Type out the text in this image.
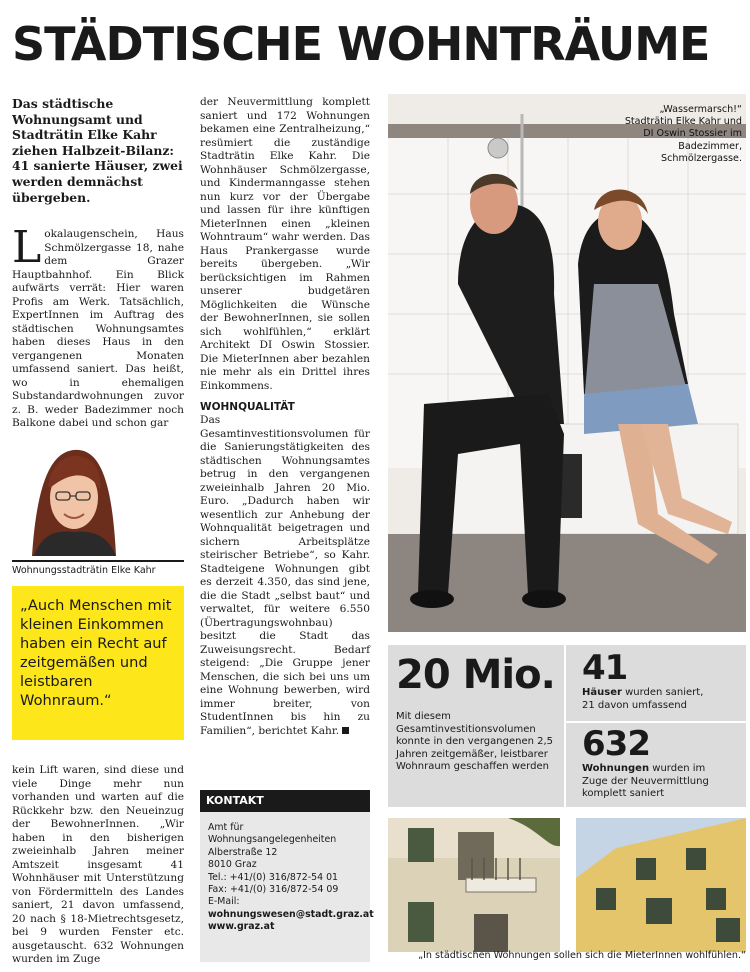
STÄDTISCHE WOHNTRÄUME
Das städtische Wohnungsamt und Stadträtin Elke Kahr ziehen Halbzeit-Bilanz: 41 sanierte Häuser, zwei werden demnächst übergeben.
Lokalaugenschein, Haus Schmölzergasse 18, nahe dem Grazer Hauptbahnhof. Ein Blick aufwärts verrät: Hier waren Profis am Werk. Tatsächlich, ExpertInnen im Auftrag des städtischen Wohnungsamtes haben dieses Haus in den vergangenen Monaten umfassend saniert. Das heißt, wo in ehemaligen Substandardwohnungen zuvor z. B. weder Badezimmer noch Balkone dabei und schon gar
Wohnungsstadträtin Elke Kahr
„Auch Menschen mit kleinen Einkommen haben ein Recht auf zeitgemäßen und leistbaren Wohnraum.“
kein Lift waren, sind diese und viele Dinge mehr nun vorhanden und warten auf die Rückkehr bzw. den Neueinzug der BewohnerInnen. „Wir haben in den bisherigen zweieinhalb Jahren meiner Amtszeit insgesamt 41 Wohnhäuser mit Unterstützung von Fördermitteln des Landes saniert, 21 davon umfassend, 20 nach § 18-Mietrechtsgesetz, bei 9 wurden Fenster etc. ausgetauscht. 632 Wohnungen wurden im Zuge
der Neuvermittlung komplett saniert und 172 Wohnungen bekamen eine Zentralheizung,“ resümiert die zuständige Stadträtin Elke Kahr. Die Wohnhäuser Schmölzergasse, und Kindermanngasse stehen nun kurz vor der Übergabe und lassen für ihre künftigen MieterInnen einen „kleinen Wohntraum“ wahr werden. Das Haus Prankergasse wurde bereits übergeben. „Wir berücksichtigen im Rahmen unserer budgetären Möglichkeiten die Wünsche der BewohnerInnen, sie sollen sich wohlfühlen,“ erklärt Architekt DI Oswin Stossier. Die MieterInnen aber bezahlen nie mehr als ein Drittel ihres Einkommens.
WOHNQUALITÄT
Das Gesamtinvestitionsvolumen für die Sanierungstätigkeiten des städtischen Wohnungsamtes betrug in den vergangenen zweieinhalb Jahren 20 Mio. Euro. „Dadurch haben wir wesentlich zur Anhebung der Wohnqualität beigetragen und sichern Arbeitsplätze steirischer Betriebe“, so Kahr. Stadteigene Wohnungen gibt es derzeit 4.350, das sind jene, die die Stadt „selbst baut“ und verwaltet, für weitere 6.550 (Übertragungswohnbau) besitzt die Stadt das Zuweisungsrecht. Bedarf steigend: „Die Gruppe jener Menschen, die sich bei uns um eine Wohnung bewerben, wird immer breiter, von StudentInnen bis hin zu Familien“, berichtet Kahr.
KONTAKT
Amt für
Wohnungsangelegenheiten
Alberstraße 12
8010 Graz
Tel.: +41/(0) 316/872-54 01
Fax: +41/(0) 316/872-54 09
E-Mail:
wohnungswesen@stadt.graz.at
www.graz.at
„Wassermarsch!“ Stadträtin Elke Kahr und DI Oswin Stossier im Badezimmer, Schmölzergasse.
20 Mio.
Mit diesem Gesamtinvestitionsvolumen konnte in den vergangenen 2,5 Jahren zeitgemäßer, leistbarer Wohnraum geschaffen werden
41
Häuser wurden saniert,
21 davon umfassend
632
Wohnungen wurden im
Zuge der Neuvermittlung
komplett saniert
„In städtischen Wohnungen sollen sich die MieterInnen wohlfühlen.“
